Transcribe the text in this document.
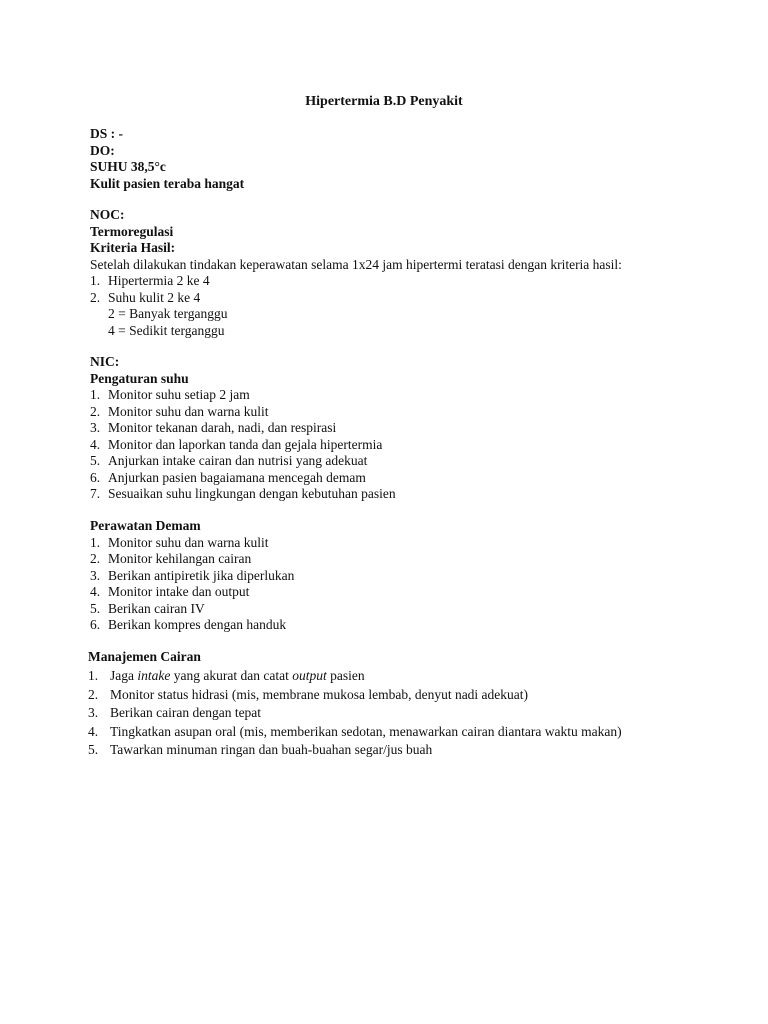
Hipertermia B.D Penyakit
DS : -
DO:
SUHU 38,5°c
Kulit pasien teraba hangat
NOC:
Termoregulasi
Kriteria Hasil:
Setelah dilakukan tindakan keperawatan selama 1x24 jam hipertermi teratasi dengan kriteria hasil:
1. Hipertermia 2 ke 4
2. Suhu kulit 2 ke 4
2 = Banyak terganggu
4 = Sedikit terganggu
NIC:
Pengaturan suhu
1. Monitor suhu setiap 2 jam
2. Monitor suhu dan warna kulit
3. Monitor tekanan darah, nadi, dan respirasi
4. Monitor dan laporkan tanda dan gejala hipertermia
5. Anjurkan intake cairan dan nutrisi yang adekuat
6. Anjurkan pasien bagaiamana mencegah demam
7. Sesuaikan suhu lingkungan dengan kebutuhan pasien
Perawatan Demam
1. Monitor suhu dan warna kulit
2. Monitor kehilangan cairan
3. Berikan antipiretik jika diperlukan
4. Monitor intake dan output
5. Berikan cairan IV
6. Berikan kompres dengan handuk
Manajemen Cairan
1. Jaga intake yang akurat dan catat output pasien
2. Monitor status hidrasi (mis, membrane mukosa lembab, denyut nadi adekuat)
3. Berikan cairan dengan tepat
4. Tingkatkan asupan oral (mis, memberikan sedotan, menawarkan cairan diantara waktu makan)
5. Tawarkan minuman ringan dan buah-buahan segar/jus buah
